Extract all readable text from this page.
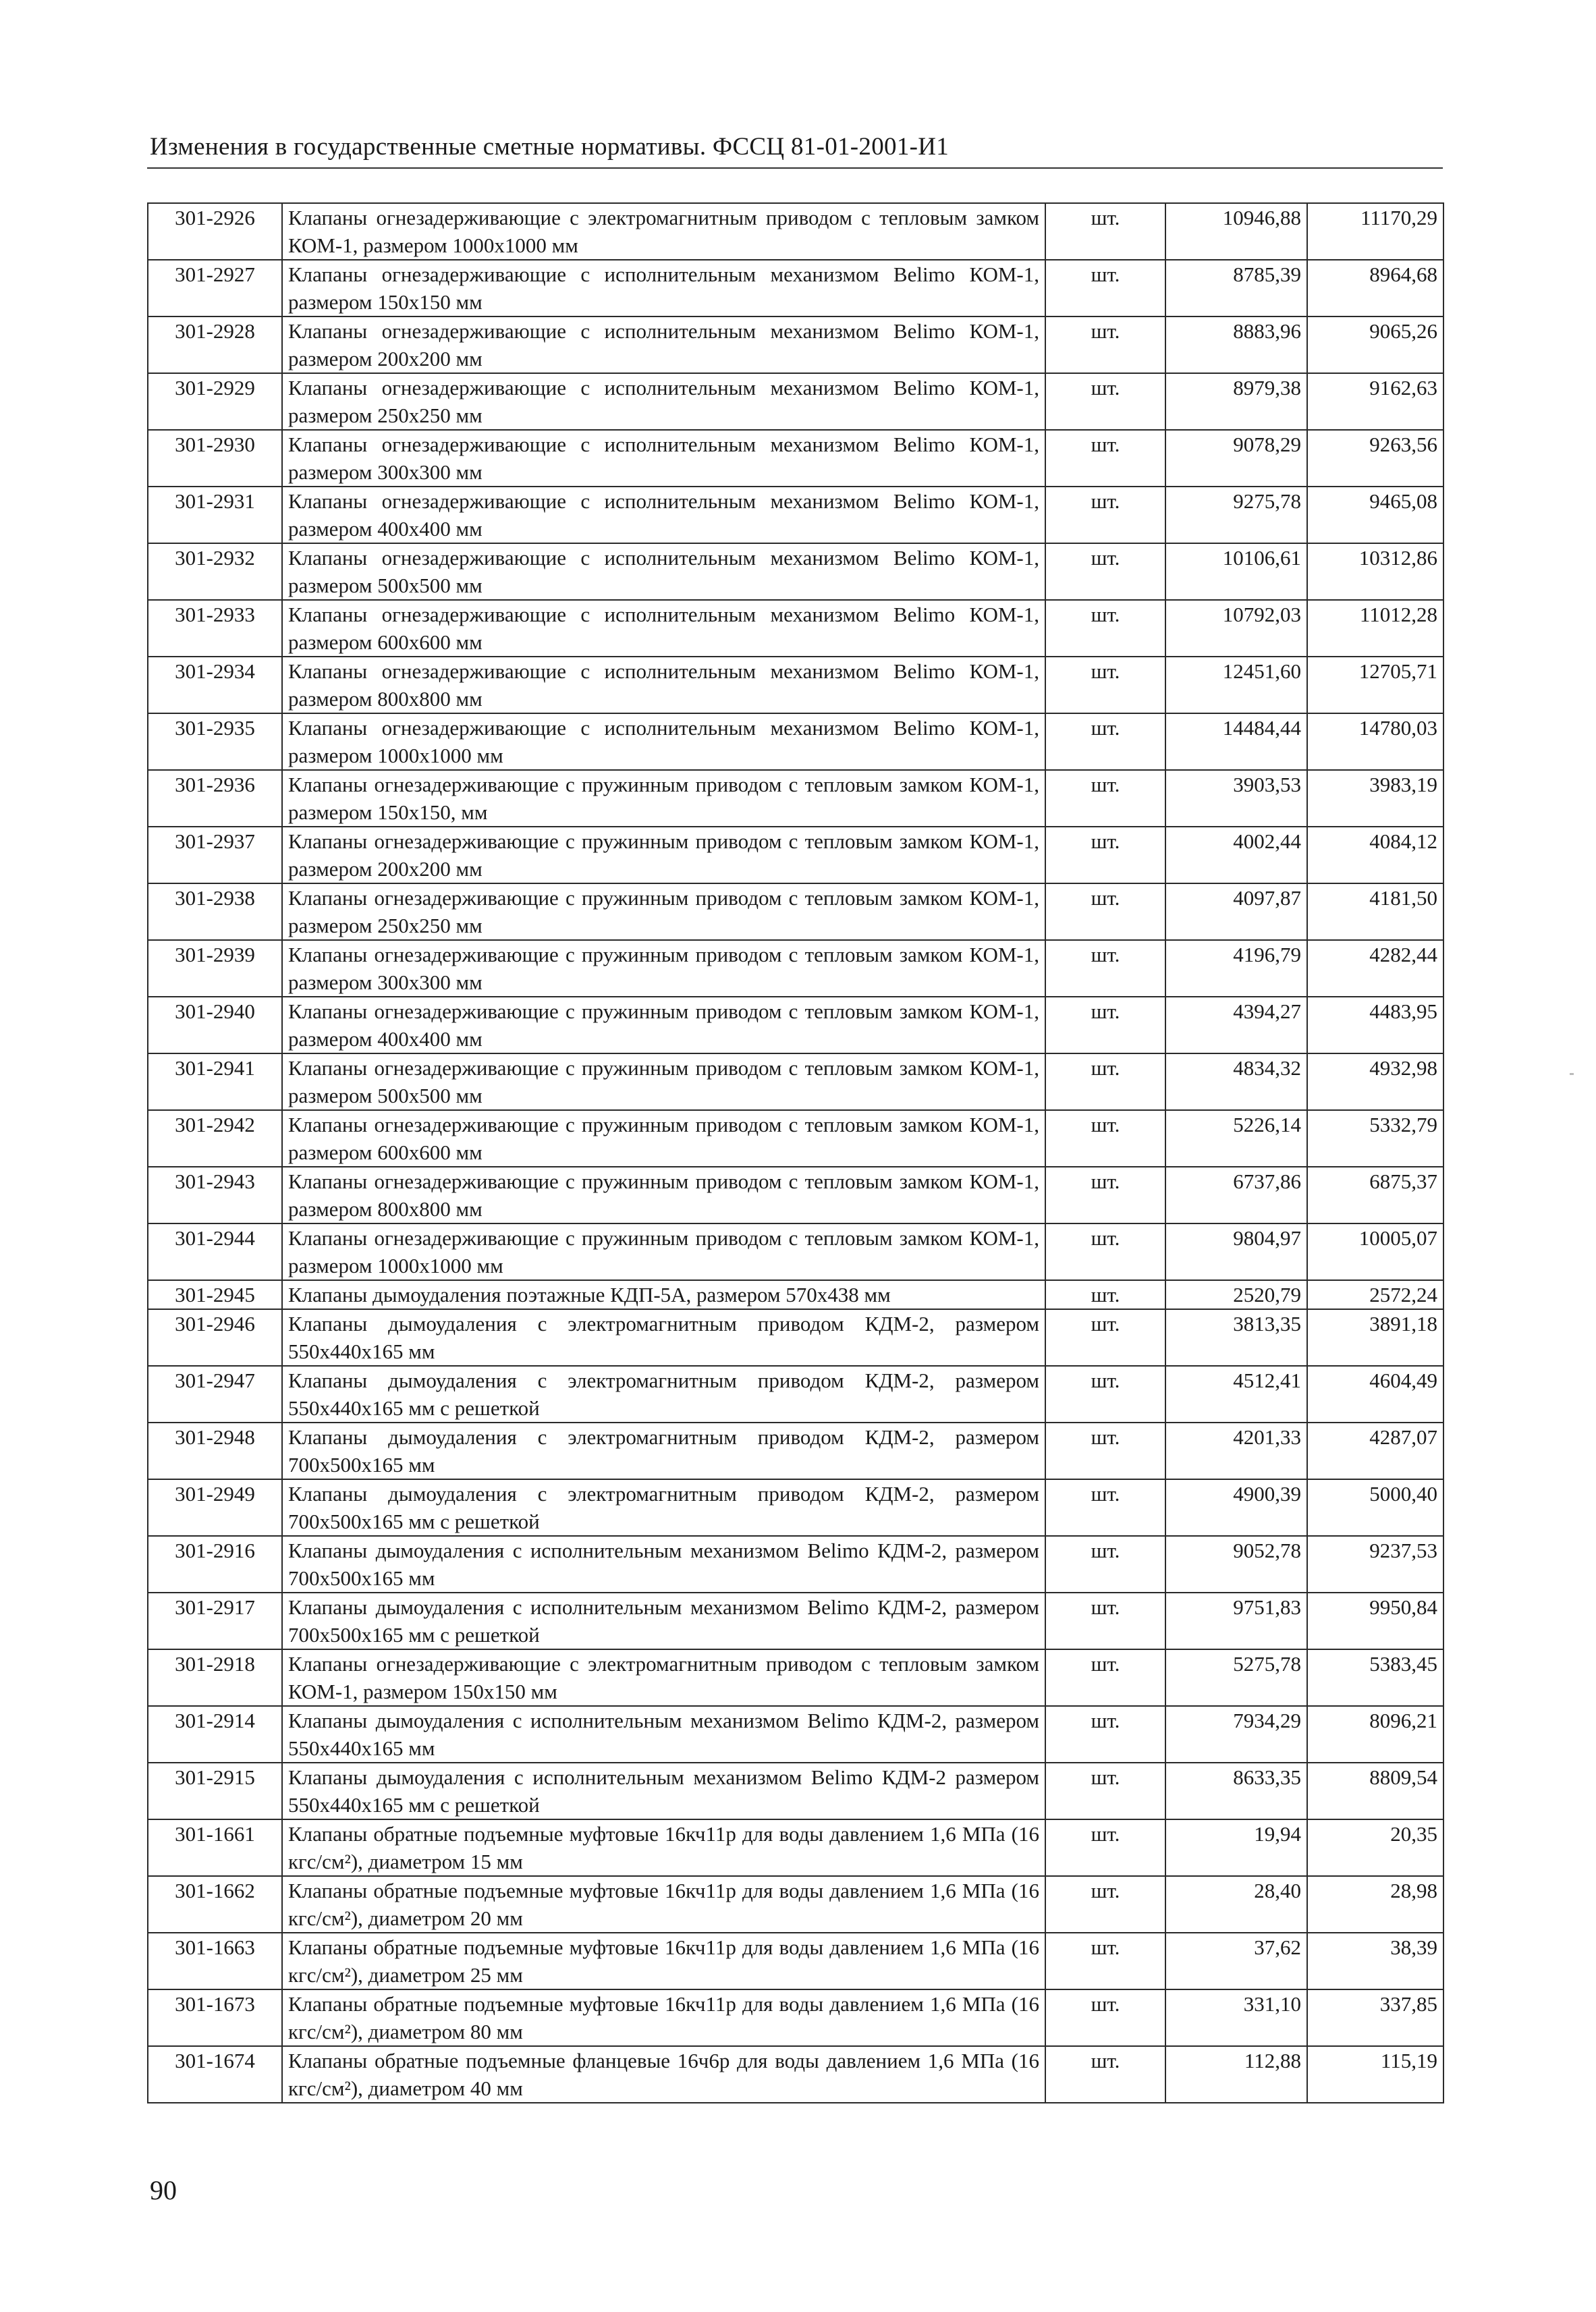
Изменения в государственные сметные нормативы. ФССЦ 81-01-2001-И1
301-2926	Клапаны огнезадерживающие с электромагнитным приводом с тепловым замком КОМ-1, размером 1000х1000 мм	шт.	10946,88	11170,29
301-2927	Клапаны огнезадерживающие с исполнительным механизмом Belimo КОМ-1, размером 150х150 мм	шт.	8785,39	8964,68
301-2928	Клапаны огнезадерживающие с исполнительным механизмом Belimo КОМ-1, размером 200х200 мм	шт.	8883,96	9065,26
301-2929	Клапаны огнезадерживающие с исполнительным механизмом Belimo КОМ-1, размером 250х250 мм	шт.	8979,38	9162,63
301-2930	Клапаны огнезадерживающие с исполнительным механизмом Belimo КОМ-1, размером 300х300 мм	шт.	9078,29	9263,56
301-2931	Клапаны огнезадерживающие с исполнительным механизмом Belimo КОМ-1, размером 400х400 мм	шт.	9275,78	9465,08
301-2932	Клапаны огнезадерживающие с исполнительным механизмом Belimo КОМ-1, размером 500х500 мм	шт.	10106,61	10312,86
301-2933	Клапаны огнезадерживающие с исполнительным механизмом Belimo КОМ-1, размером 600х600 мм	шт.	10792,03	11012,28
301-2934	Клапаны огнезадерживающие с исполнительным механизмом Belimo КОМ-1, размером 800х800 мм	шт.	12451,60	12705,71
301-2935	Клапаны огнезадерживающие с исполнительным механизмом Belimo КОМ-1, размером 1000х1000 мм	шт.	14484,44	14780,03
301-2936	Клапаны огнезадерживающие с пружинным приводом с тепловым замком КОМ-1, размером 150х150, мм	шт.	3903,53	3983,19
301-2937	Клапаны огнезадерживающие с пружинным приводом с тепловым замком КОМ-1, размером 200х200 мм	шт.	4002,44	4084,12
301-2938	Клапаны огнезадерживающие с пружинным приводом с тепловым замком КОМ-1, размером 250х250 мм	шт.	4097,87	4181,50
301-2939	Клапаны огнезадерживающие с пружинным приводом с тепловым замком КОМ-1, размером 300х300 мм	шт.	4196,79	4282,44
301-2940	Клапаны огнезадерживающие с пружинным приводом с тепловым замком КОМ-1, размером 400х400 мм	шт.	4394,27	4483,95
301-2941	Клапаны огнезадерживающие с пружинным приводом с тепловым замком КОМ-1, размером 500х500 мм	шт.	4834,32	4932,98
301-2942	Клапаны огнезадерживающие с пружинным приводом с тепловым замком КОМ-1, размером 600х600 мм	шт.	5226,14	5332,79
301-2943	Клапаны огнезадерживающие с пружинным приводом с тепловым замком КОМ-1, размером 800х800 мм	шт.	6737,86	6875,37
301-2944	Клапаны огнезадерживающие с пружинным приводом с тепловым замком КОМ-1, размером 1000х1000 мм	шт.	9804,97	10005,07
301-2945	Клапаны дымоудаления поэтажные КДП-5А, размером 570х438 мм	шт.	2520,79	2572,24
301-2946	Клапаны дымоудаления с электромагнитным приводом КДМ-2, размером 550х440х165 мм	шт.	3813,35	3891,18
301-2947	Клапаны дымоудаления с электромагнитным приводом КДМ-2, размером 550х440х165 мм с решеткой	шт.	4512,41	4604,49
301-2948	Клапаны дымоудаления с электромагнитным приводом КДМ-2, размером 700х500х165 мм	шт.	4201,33	4287,07
301-2949	Клапаны дымоудаления с электромагнитным приводом КДМ-2, размером 700х500х165 мм с решеткой	шт.	4900,39	5000,40
301-2916	Клапаны дымоудаления с исполнительным механизмом Belimo КДМ-2, размером 700х500х165 мм	шт.	9052,78	9237,53
301-2917	Клапаны дымоудаления с исполнительным механизмом Belimo КДМ-2, размером 700х500х165 мм с решеткой	шт.	9751,83	9950,84
301-2918	Клапаны огнезадерживающие с электромагнитным приводом с тепловым замком КОМ-1, размером 150х150 мм	шт.	5275,78	5383,45
301-2914	Клапаны дымоудаления с исполнительным механизмом Belimo КДМ-2, размером 550х440х165 мм	шт.	7934,29	8096,21
301-2915	Клапаны дымоудаления с исполнительным механизмом Belimo КДМ-2 размером 550х440х165 мм с решеткой	шт.	8633,35	8809,54
301-1661	Клапаны обратные подъемные муфтовые 16кч11р для воды давлением 1,6 МПа (16 кгс/см²), диаметром 15 мм	шт.	19,94	20,35
301-1662	Клапаны обратные подъемные муфтовые 16кч11р для воды давлением 1,6 МПа (16 кгс/см²), диаметром 20 мм	шт.	28,40	28,98
301-1663	Клапаны обратные подъемные муфтовые 16кч11р для воды давлением 1,6 МПа (16 кгс/см²), диаметром 25 мм	шт.	37,62	38,39
301-1673	Клапаны обратные подъемные муфтовые 16кч11р для воды давлением 1,6 МПа (16 кгс/см²), диаметром 80 мм	шт.	331,10	337,85
301-1674	Клапаны обратные подъемные фланцевые 16ч6р для воды давлением 1,6 МПа (16 кгс/см²), диаметром 40 мм	шт.	112,88	115,19
90
